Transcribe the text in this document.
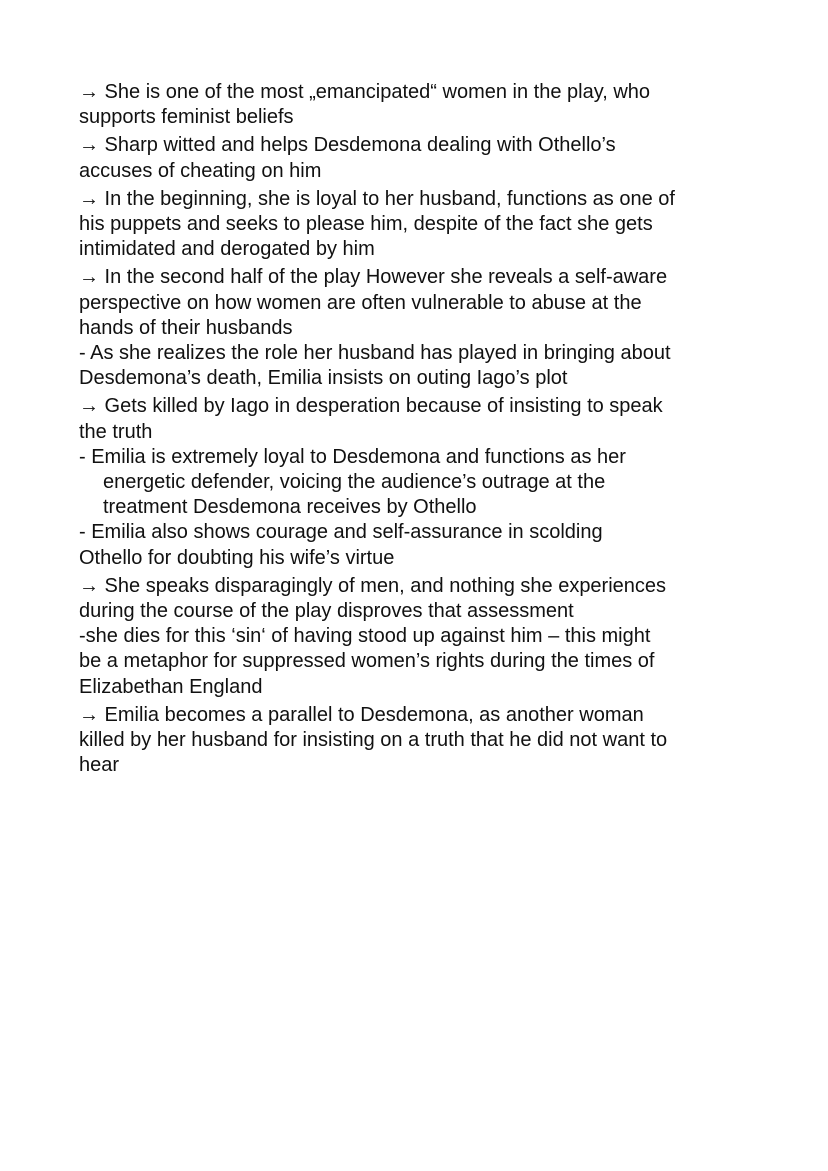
→ She is one of the most „emancipated“ women in the play, who
supports feminist beliefs
→ Sharp witted and helps Desdemona dealing with Othello’s
accuses of cheating on him
→ In the beginning, she is loyal to her husband, functions as one of
his puppets and seeks to please him, despite of the fact she gets
intimidated and derogated by him
→ In the second half of the play However she reveals a self-aware
perspective on how women are often vulnerable to abuse at the
hands of their husbands
- As she realizes the role her husband has played in bringing about
Desdemona’s death, Emilia insists on outing Iago’s plot
→ Gets killed by Iago in desperation because of insisting to speak
the truth
- Emilia is extremely loyal to Desdemona and functions as her
energetic defender, voicing the audience’s outrage at the
treatment Desdemona receives by Othello
- Emilia also shows courage and self-assurance in scolding
Othello for doubting his wife’s virtue
→ She speaks disparagingly of men, and nothing she experiences
during the course of the play disproves that assessment
-she dies for this ‘sin‘ of having stood up against him – this might
be a metaphor for suppressed women’s rights during the times of
Elizabethan England
→ Emilia becomes a parallel to Desdemona, as another woman
killed by her husband for insisting on a truth that he did not want to
hear
